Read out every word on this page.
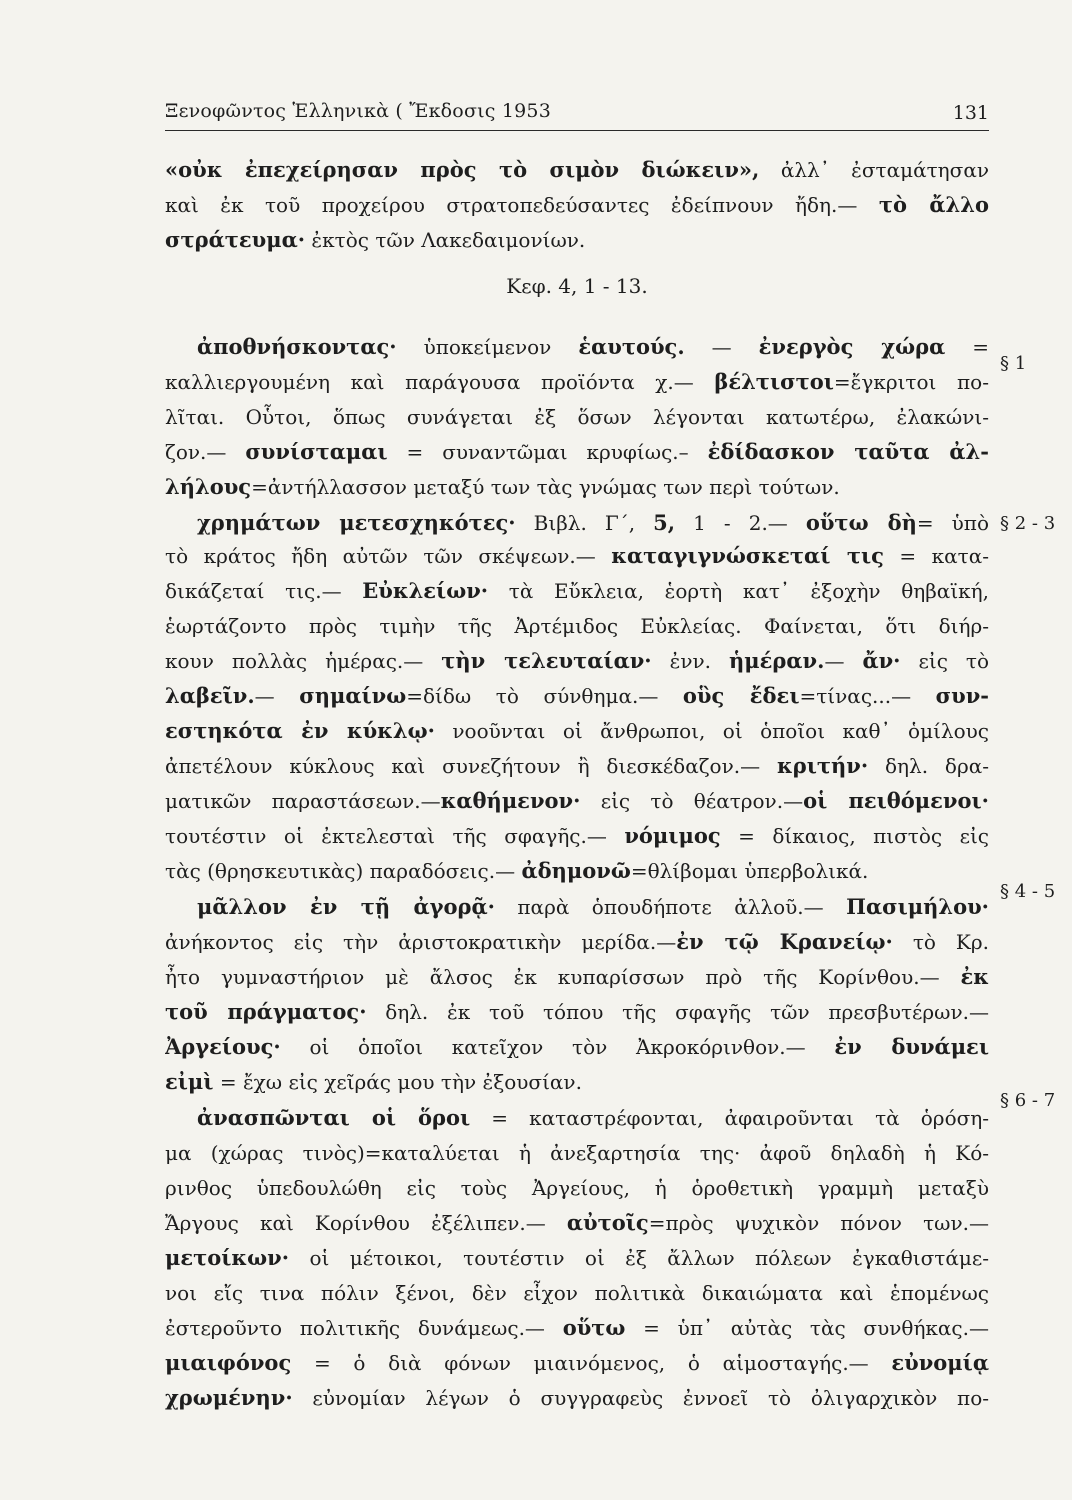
Ξενοφῶντος Ἑλληνικὰ ( Ἔκδοσις 1953	131
§ 1
§ 2 - 3
§ 4 - 5
§ 6 - 7
«οὐκ ἐπεχείρησαν πρὸς τὸ σιμὸν διώκειν», ἀλλ᾽ ἐσταμάτησαν
καὶ ἐκ τοῦ προχείρου στρατοπεδεύσαντες ἐδείπνουν ἤδη.— τὸ ἄλλο
στράτευμα· ἐκτὸς τῶν Λακεδαιμονίων.
Κεφ. 4, 1 - 13.
ἀποθνήσκοντας· ὑποκείμενον ἑαυτούς. — ἐνεργὸς χώρα =
καλλιεργουμένη καὶ παράγουσα προϊόντα χ.— βέλτιστοι=ἔγκριτοι πο-
λῖται. Οὗτοι, ὅπως συνάγεται ἐξ ὅσων λέγονται κατωτέρω, ἐλακώνι-
ζον.— συνίσταμαι = συναντῶμαι κρυφίως.– ἐδίδασκον ταῦτα ἀλ-
λήλους=ἀντήλλασσον μεταξύ των τὰς γνώμας των περὶ τούτων.
χρημάτων μετεσχηκότες· Βιβλ. Γ΄, 5, 1 - 2.— οὕτω δὴ= ὑπὸ
τὸ κράτος ἤδη αὐτῶν τῶν σκέψεων.— καταγιγνώσκεταί τις = κατα-
δικάζεταί τις.— Εὐκλείων· τὰ Εὔκλεια, ἑορτὴ κατ᾽ ἐξοχὴν θηβαϊκή,
ἑωρτάζοντο πρὸς τιμὴν τῆς Ἀρτέμιδος Εὐκλείας. Φαίνεται, ὅτι διήρ-
κουν πολλὰς ἡμέρας.— τὴν τελευταίαν· ἐνν. ἡμέραν.— ἄν· εἰς τὸ
λαβεῖν.— σημαίνω=δίδω τὸ σύνθημα.— οὓς ἔδει=τίνας...— συν-
εστηκότα ἐν κύκλῳ· νοοῦνται οἱ ἄνθρωποι, οἱ ὁποῖοι καθ᾽ ὁμίλους
ἀπετέλουν κύκλους καὶ συνεζήτουν ἢ διεσκέδαζον.— κριτήν· δηλ. δρα-
ματικῶν παραστάσεων.—καθήμενον· εἰς τὸ θέατρον.—οἱ πειθόμενοι·
τουτέστιν οἱ ἐκτελεσταὶ τῆς σφαγῆς.— νόμιμος = δίκαιος, πιστὸς εἰς
τὰς (θρησκευτικὰς) παραδόσεις.— ἀδημονῶ=θλίβομαι ὑπερβολικά.
μᾶλλον ἐν τῇ ἀγορᾷ· παρὰ ὁπουδήποτε ἀλλοῦ.— Πασιμήλου·
ἀνήκοντος εἰς τὴν ἀριστοκρατικὴν μερίδα.—ἐν τῷ Κρανείῳ· τὸ Κρ.
ἦτο γυμναστήριον μὲ ἄλσος ἐκ κυπαρίσσων πρὸ τῆς Κορίνθου.— ἐκ
τοῦ πράγματος· δηλ. ἐκ τοῦ τόπου τῆς σφαγῆς τῶν πρεσβυτέρων.—
Ἀργείους· οἱ ὁποῖοι κατεῖχον τὸν Ἀκροκόρινθον.— ἐν δυνάμει
εἰμὶ = ἔχω εἰς χεῖράς μου τὴν ἐξουσίαν.
ἀνασπῶνται οἱ ὅροι = καταστρέφονται, ἀφαιροῦνται τὰ ὁρόση-
μα (χώρας τινὸς)=καταλύεται ἡ ἀνεξαρτησία της· ἀφοῦ δηλαδὴ ἡ Κό-
ρινθος ὑπεδουλώθη εἰς τοὺς Ἀργείους, ἡ ὁροθετικὴ γραμμὴ μεταξὺ
Ἄργους καὶ Κορίνθου ἐξέλιπεν.— αὐτοῖς=πρὸς ψυχικὸν πόνον των.—
μετοίκων· οἱ μέτοικοι, τουτέστιν οἱ ἐξ ἄλλων πόλεων ἐγκαθιστάμε-
νοι εἴς τινα πόλιν ξένοι, δὲν εἶχον πολιτικὰ δικαιώματα καὶ ἑπομένως
ἐστεροῦντο πολιτικῆς δυνάμεως.— οὕτω = ὑπ᾽ αὐτὰς τὰς συνθήκας.—
μιαιφόνος = ὁ διὰ φόνων μιαινόμενος, ὁ αἱμοσταγής.— εὐνομίᾳ
χρωμένην· εὐνομίαν λέγων ὁ συγγραφεὺς ἐννοεῖ τὸ ὀλιγαρχικὸν πο-
